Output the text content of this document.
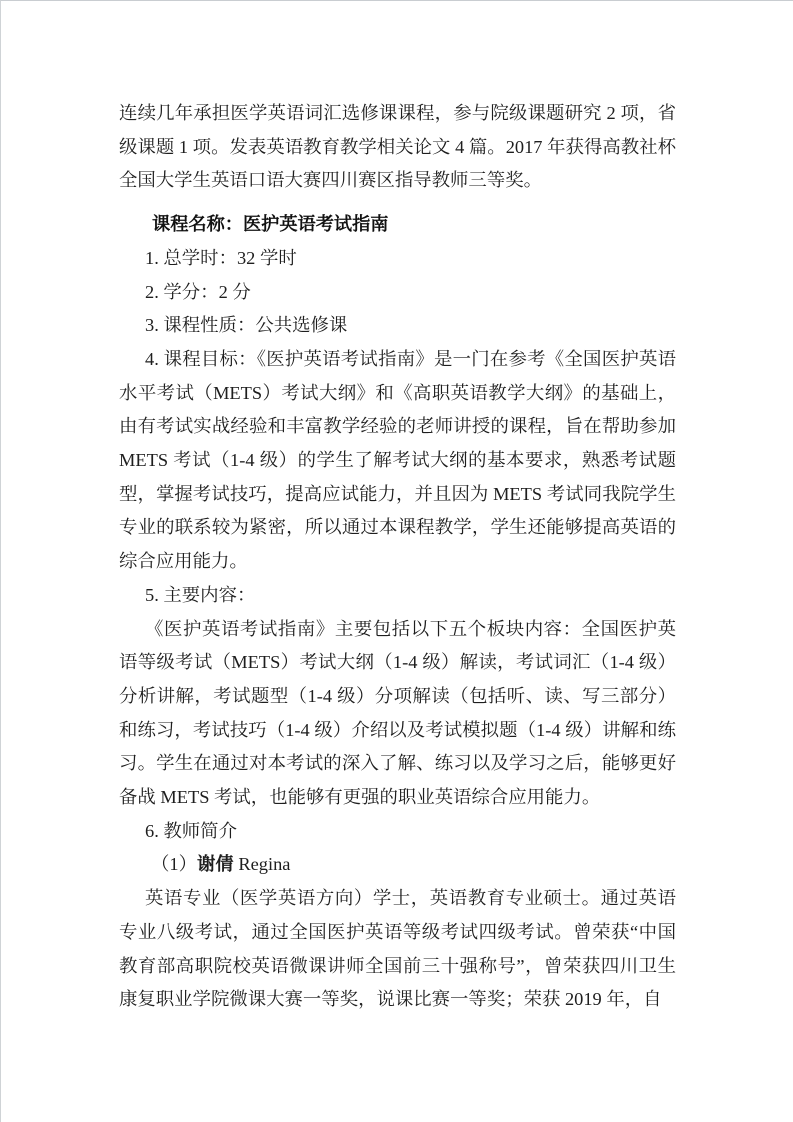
连续几年承担医学英语词汇选修课课程，参与院级课题研究 2 项，省级课题 1 项。发表英语教育教学相关论文 4 篇。2017 年获得高教社杯全国大学生英语口语大赛四川赛区指导教师三等奖。

课程名称：医护英语考试指南

1. 总学时：32 学时

2. 学分：2 分

3. 课程性质：公共选修课

4. 课程目标：《医护英语考试指南》是一门在参考《全国医护英语水平考试（METS）考试大纲》和《高职英语教学大纲》的基础上，由有考试实战经验和丰富教学经验的老师讲授的课程，旨在帮助参加 METS 考试（1-4 级）的学生了解考试大纲的基本要求，熟悉考试题型，掌握考试技巧，提高应试能力，并且因为 METS 考试同我院学生专业的联系较为紧密，所以通过本课程教学，学生还能够提高英语的综合应用能力。

5. 主要内容：

《医护英语考试指南》主要包括以下五个板块内容：全国医护英语等级考试（METS）考试大纲（1-4 级）解读，考试词汇（1-4 级）分析讲解，考试题型（1-4 级）分项解读（包括听、读、写三部分）和练习，考试技巧（1-4 级）介绍以及考试模拟题（1-4 级）讲解和练习。学生在通过对本考试的深入了解、练习以及学习之后，能够更好备战 METS 考试，也能够有更强的职业英语综合应用能力。

6. 教师简介

（1）谢倩 Regina

英语专业（医学英语方向）学士，英语教育专业硕士。通过英语专业八级考试，通过全国医护英语等级考试四级考试。曾荣获“中国教育部高职院校英语微课讲师全国前三十强称号”，曾荣获四川卫生康复职业学院微课大赛一等奖，说课比赛一等奖；荣获 2019 年，自
